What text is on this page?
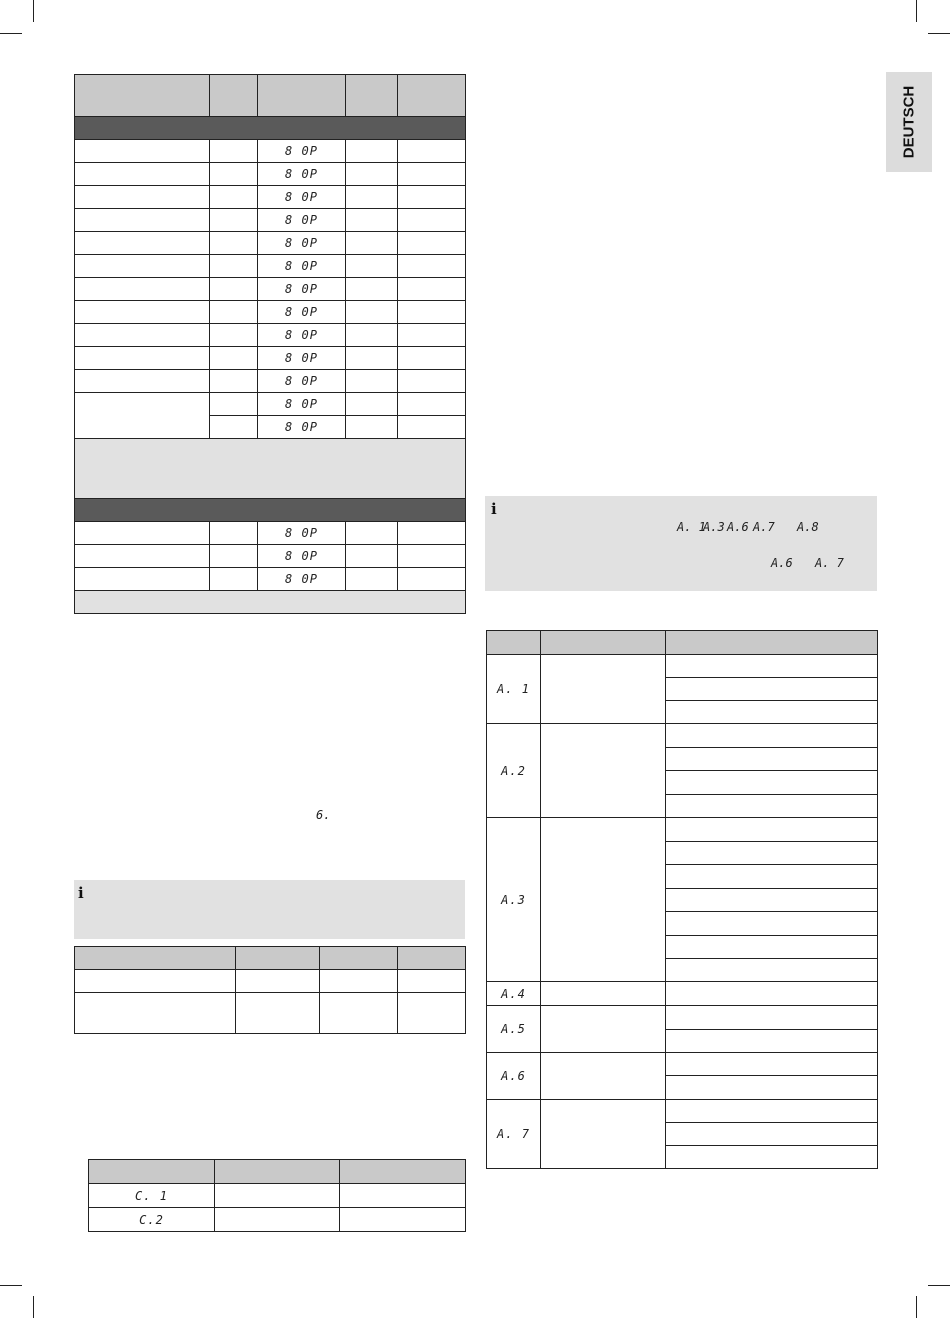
DEUTSCH

		8 0P		
		8 0P		
		8 0P		
		8 0P		
		8 0P		
		8 0P		
		8 0P		
		8 0P		
		8 0P		
		8 0P		
		8 0P		
		8 0P		
		8 0P		

		8 0P		
		8 0P		
		8 0P		

6.
i

C. 1		
C.2		
i
A. 1
A.3 A.6 A.7 A.8
A.6 A. 7

A. 1		

A.2		

A.3		

A.4		
A.5		

A.6		

A. 7		
